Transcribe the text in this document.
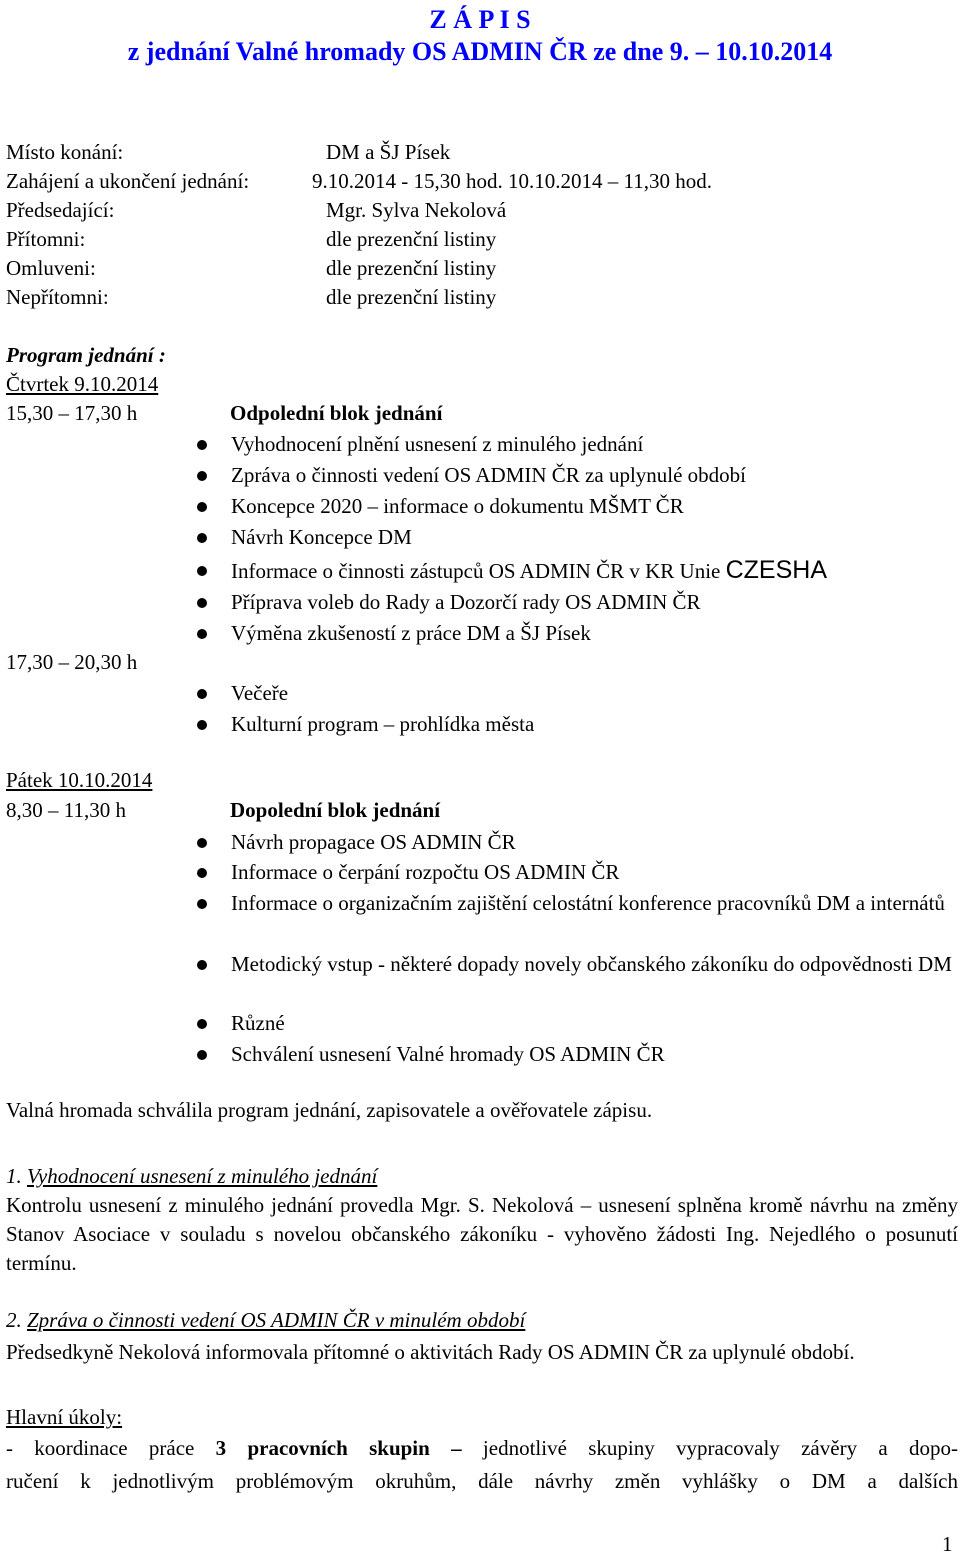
Z Á P I S
z jednání Valné hromady OS ADMIN ČR ze dne 9. – 10.10.2014
Místo konání:	DM a ŠJ Písek
Zahájení a ukončení jednání:	9.10.2014 - 15,30 hod. 10.10.2014 – 11,30 hod.
Předsedající:	Mgr. Sylva Nekolová
Přítomni:	dle prezenční listiny
Omluveni:	dle prezenční listiny
Nepřítomni:	dle prezenční listiny
Program jednání :
Čtvrtek 9.10.2014
15,30 – 17,30 h	Odpolední blok jednání
Vyhodnocení plnění usnesení z minulého jednání
Zpráva o činnosti vedení OS ADMIN ČR za uplynulé období
Koncepce 2020 – informace o dokumentu MŠMT ČR
Návrh Koncepce DM
Informace o činnosti zástupců OS ADMIN ČR v KR Unie CZESHA
Příprava voleb do Rady a Dozorčí rady OS ADMIN ČR
Výměna zkušeností z práce DM a ŠJ Písek
17,30 – 20,30 h
Večeře
Kulturní program – prohlídka města
Pátek 10.10.2014
8,30 – 11,30 h	Dopolední blok jednání
Návrh propagace OS ADMIN ČR
Informace o čerpání rozpočtu OS ADMIN ČR
Informace o organizačním zajištění celostátní konference pracovníků DM a internátů
Metodický vstup - některé dopady novely občanského zákoníku do odpovědnosti DM
Různé
Schválení usnesení Valné hromady OS ADMIN ČR
Valná hromada schválila program jednání, zapisovatele a ověřovatele zápisu.
1. Vyhodnocení usnesení z minulého jednání
Kontrolu usnesení z minulého jednání provedla Mgr. S. Nekolová – usnesení splněna kromě návrhu na změny Stanov Asociace v souladu s novelou občanského zákoníku - vyhověno žádosti Ing. Nejedlého o posunutí termínu.
2. Zpráva o činnosti vedení OS ADMIN ČR v minulém období
Předsedkyně Nekolová informovala přítomné o aktivitách Rady OS ADMIN ČR za uplynulé období.
Hlavní úkoly:
- koordinace práce 3 pracovních skupin – jednotlivé skupiny vypracovaly závěry a dopo-
ručení k jednotlivým problémovým okruhům, dále návrhy změn vyhlášky o DM a dalších
1
